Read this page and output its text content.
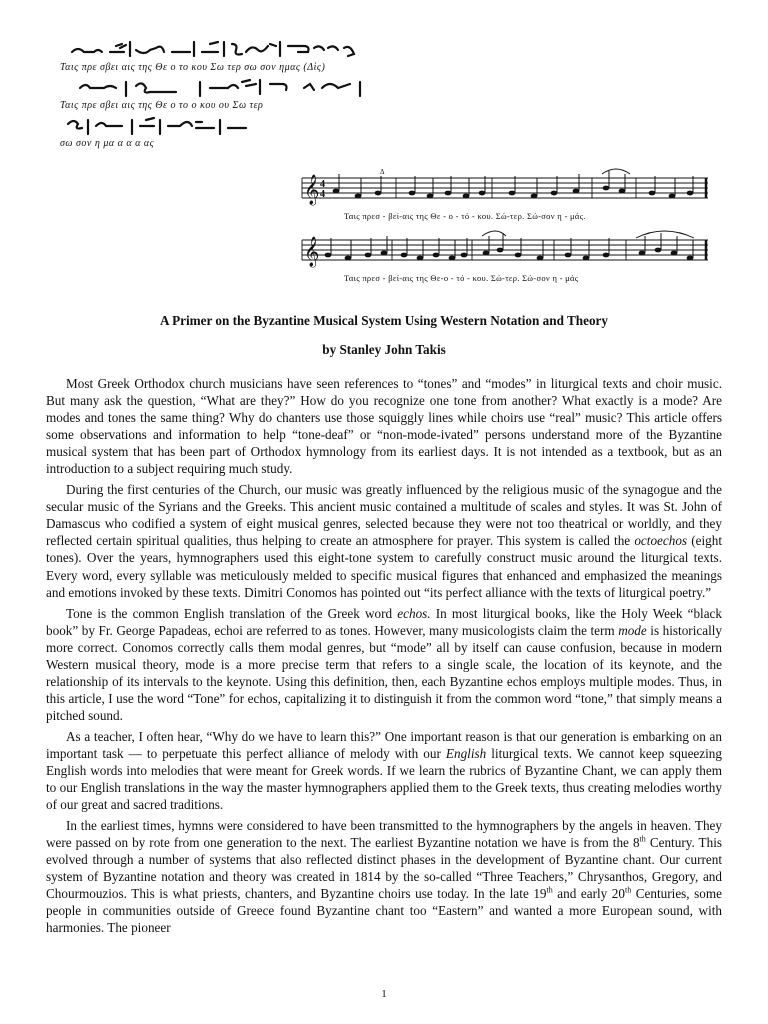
Ταις πρε σβει αις της Θε ο το κου Σω τερ σω σον ημας (Δὶς)
Ταις πρε σβει αις της Θε ο το ο κου ου Σω τερ
σω σον η μα α α α ας
𝄞 4
4
Δ
Ταις πρεσ - βεί-αις της Θε - ο - τό - κου. Σώ-τερ. Σώ-σον η - μάς.
𝄞
Ταις πρεσ - βεί-αις της Θε-ο - τό - κου. Σώ-τερ. Σώ-σον η - μάς
A Primer on the Byzantine Musical System Using Western Notation and Theory
by Stanley John Takis

Most Greek Orthodox church musicians have seen references to “tones” and “modes” in liturgical texts and choir music. But many ask the question, “What are they?” How do you recognize one tone from another? What exactly is a mode? Are modes and tones the same thing? Why do chanters use those squiggly lines while choirs use “real” music? This article offers some observations and information to help “tone-deaf” or “non-mode-ivated” persons understand more of the Byzantine musical system that has been part of Orthodox hymnology from its earliest days. It is not intended as a textbook, but as an introduction to a subject requiring much study.

During the first centuries of the Church, our music was greatly influenced by the religious music of the synagogue and the secular music of the Syrians and the Greeks. This ancient music contained a multitude of scales and styles. It was St. John of Damascus who codified a system of eight musical genres, selected because they were not too theatrical or worldly, and they reflected certain spiritual qualities, thus helping to create an atmosphere for prayer. This system is called the octoechos (eight tones). Over the years, hymnographers used this eight-tone system to carefully construct music around the liturgical texts. Every word, every syllable was meticulously melded to specific musical figures that enhanced and emphasized the meanings and emotions invoked by these texts. Dimitri Conomos has pointed out “its perfect alliance with the texts of liturgical poetry.”

Tone is the common English translation of the Greek word echos. In most liturgical books, like the Holy Week “black book” by Fr. George Papadeas, echoi are referred to as tones. However, many musicologists claim the term mode is historically more correct. Conomos correctly calls them modal genres, but “mode” all by itself can cause confusion, because in modern Western musical theory, mode is a more precise term that refers to a single scale, the location of its keynote, and the relationship of its intervals to the keynote. Using this definition, then, each Byzantine echos employs multiple modes. Thus, in this article, I use the word “Tone” for echos, capitalizing it to distinguish it from the common word “tone,” that simply means a pitched sound.

As a teacher, I often hear, “Why do we have to learn this?” One important reason is that our generation is embarking on an important task — to perpetuate this perfect alliance of melody with our English liturgical texts. We cannot keep squeezing English words into melodies that were meant for Greek words. If we learn the rubrics of Byzantine Chant, we can apply them to our English translations in the way the master hymnographers applied them to the Greek texts, thus creating melodies worthy of our great and sacred traditions.

In the earliest times, hymns were considered to have been transmitted to the hymnographers by the angels in heaven. They were passed on by rote from one generation to the next. The earliest Byzantine notation we have is from the 8th Century. This evolved through a number of systems that also reflected distinct phases in the development of Byzantine chant. Our current system of Byzantine notation and theory was created in 1814 by the so-called “Three Teachers,” Chrysanthos, Gregory, and Chourmouzios. This is what priests, chanters, and Byzantine choirs use today. In the late 19th and early 20th Centuries, some people in communities outside of Greece found Byzantine chant too “Eastern” and wanted a more European sound, with harmonies. The pioneer

1
